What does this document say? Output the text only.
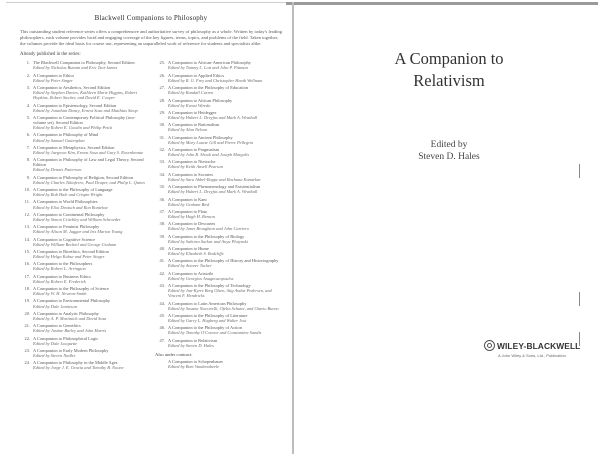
Blackwell Companions to Philosophy
This outstanding student reference series offers a comprehensive and authoritative survey of philosophy as a whole. Written by today's leading philosophers, each volume provides lucid and engaging coverage of the key figures, terms, topics, and problems of the field. Taken together, the volumes provide the ideal basis for course use, representing an unparalleled work of reference for students and specialists alike.
Already published in the series:
1. The Blackwell Companion to Philosophy, Second Edition
Edited by Nicholas Bunnin and Eric Tsui-James
2. A Companion to Ethics
Edited by Peter Singer
3. A Companion to Aesthetics, Second Edition
Edited by Stephen Davies, Kathleen Marie Higgins, Robert Hopkins, Robert Stecker, and David E. Cooper
4. A Companion to Epistemology, Second Edition
Edited by Jonathan Dancy, Ernest Sosa and Matthias Steup
5. A Companion to Contemporary Political Philosophy (two-volume set), Second Edition
Edited by Robert E. Goodin and Philip Pettit
6. A Companion to Philosophy of Mind
Edited by Samuel Guttenplan
7. A Companion to Metaphysics, Second Edition
Edited by Jaegwon Kim, Ernest Sosa and Gary S. Rosenkrantz
8. A Companion to Philosophy of Law and Legal Theory, Second Edition
Edited by Dennis Patterson
9. A Companion to Philosophy of Religion, Second Edition
Edited by Charles Taliaferro, Paul Draper, and Philip L. Quinn
10. A Companion to the Philosophy of Language
Edited by Bob Hale and Crispin Wright
11. A Companion to World Philosophies
Edited by Eliot Deutsch and Ron Bontekoe
12. A Companion to Continental Philosophy
Edited by Simon Critchley and William Schroeder
13. A Companion to Feminist Philosophy
Edited by Alison M. Jaggar and Iris Marion Young
14. A Companion to Cognitive Science
Edited by William Bechtel and George Graham
15. A Companion to Bioethics, Second Edition
Edited by Helga Kuhse and Peter Singer
16. A Companion to the Philosophers
Edited by Robert L. Arrington
17. A Companion to Business Ethics
Edited by Robert E. Frederick
18. A Companion to the Philosophy of Science
Edited by W. H. Newton-Smith
19. A Companion to Environmental Philosophy
Edited by Dale Jamieson
20. A Companion to Analytic Philosophy
Edited by A. P. Martinich and David Sosa
21. A Companion to Genethics
Edited by Justine Burley and John Harris
22. A Companion to Philosophical Logic
Edited by Dale Jacquette
23. A Companion to Early Modern Philosophy
Edited by Steven Nadler
24. A Companion to Philosophy in the Middle Ages
Edited by Jorge J. E. Gracia and Timothy B. Noone
25. A Companion to African-American Philosophy
Edited by Tommy L. Lott and John P. Pittman
26. A Companion to Applied Ethics
Edited by R. G. Frey and Christopher Heath Wellman
27. A Companion to the Philosophy of Education
Edited by Randall Curren
28. A Companion to African Philosophy
Edited by Kwasi Wiredu
29. A Companion to Heidegger
Edited by Hubert L. Dreyfus and Mark A. Wrathall
30. A Companion to Rationalism
Edited by Alan Nelson
31. A Companion to Ancient Philosophy
Edited by Mary Louise Gill and Pierre Pellegrin
32. A Companion to Pragmatism
Edited by John R. Shook and Joseph Margolis
33. A Companion to Nietzsche
Edited by Keith Ansell Pearson
34. A Companion to Socrates
Edited by Sara Ahbel-Rappe and Rachana Kamtekar
35. A Companion to Phenomenology and Existentialism
Edited by Hubert L. Dreyfus and Mark A. Wrathall
36. A Companion to Kant
Edited by Graham Bird
37. A Companion to Plato
Edited by Hugh H. Benson
38. A Companion to Descartes
Edited by Janet Broughton and John Carriero
39. A Companion to the Philosophy of Biology
Edited by Sahotra Sarkar and Anya Plutynski
40. A Companion to Hume
Edited by Elizabeth S. Radcliffe
41. A Companion to the Philosophy of History and Historiography
Edited by Aviezer Tucker
42. A Companion to Aristotle
Edited by Georgios Anagnostopoulos
43. A Companion to the Philosophy of Technology
Edited by Jan-Kyrre Berg Olsen, Stig Andur Pedersen, and Vincent F. Hendricks
44. A Companion to Latin American Philosophy
Edited by Susana Nuccetelli, Ofelia Schutte, and Otavio Bueno
45. A Companion to the Philosophy of Literature
Edited by Garry L. Hagberg and Walter Jost
46. A Companion to the Philosophy of Action
Edited by Timothy O'Connor and Constantine Sandis
47. A Companion to Relativism
Edited by Steven D. Hales
Also under contract:
A Companion to Schopenhauer
Edited by Bart Vandenabeele
A Companion to
Relativism
Edited by
Steven D. Hales
WILEY-BLACKWELL
A John Wiley & Sons, Ltd., Publication
